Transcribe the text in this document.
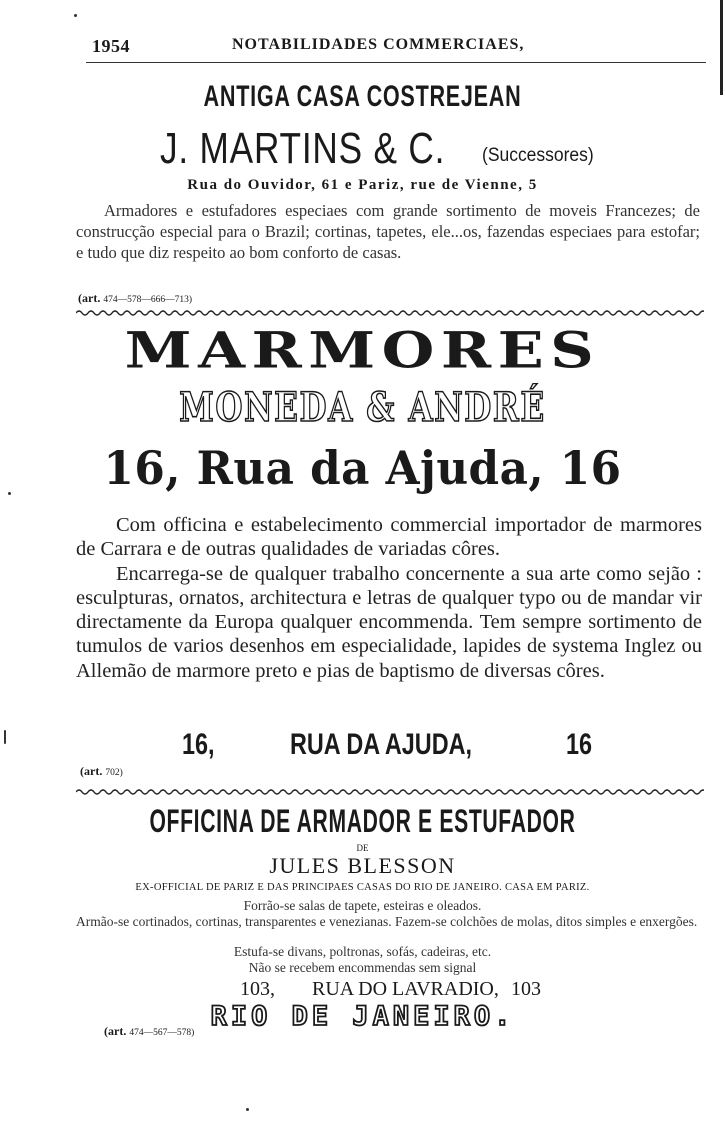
1954	NOTABILIDADES COMMERCIAES,
ANTIGA CASA COSTREJEAN
J. MARTINS & C. (Successores)
Rua do Ouvidor, 61 e Pariz, rue de Vienne, 5
Armadores e estufadores especiaes com grande sortimento de moveis Francezes; de construcção especial para o Brazil; cortinas, tapetes, ele...os, fazendas especiaes para estofar; e tudo que diz respeito ao bom conforto de casas.
(art. 474—578—666—713)
MARMORES
MONEDA & ANDRÉ
16, Rua da Ajuda, 16

Com officina e estabelecimento commercial importador de marmores de Carrara e de outras qualidades de variadas côres.

Encarrega-se de qualquer trabalho concernente a sua arte como sejão : esculpturas, ornatos, architectura e letras de qualquer typo ou de mandar vir directamente da Europa qualquer encommenda. Tem sempre sortimento de tumulos de varios desenhos em especialidade, lapides de systema Inglez ou Allemão de marmore preto e pias de baptismo de diversas côres.

16,	RUA DA AJUDA,	16
(art. 702)
OFFICINA DE ARMADOR E ESTUFADOR
DE
JULES BLESSON
EX-OFFICIAL DE PARIZ E DAS PRINCIPAES CASAS DO RIO DE JANEIRO. CASA EM PARIZ.
Forrão-se salas de tapete, esteiras e oleados.
Armão-se cortinados, cortinas, transparentes e venezianas. Fazem-se colchões de molas, ditos simples e enxergões.
Estufa-se divans, poltronas, sofás, cadeiras, etc.
Não se recebem encommendas sem signal
103, RUA DO LAVRADIO, 103
RIO DE JANEIRO.
(art. 474—567—578)
